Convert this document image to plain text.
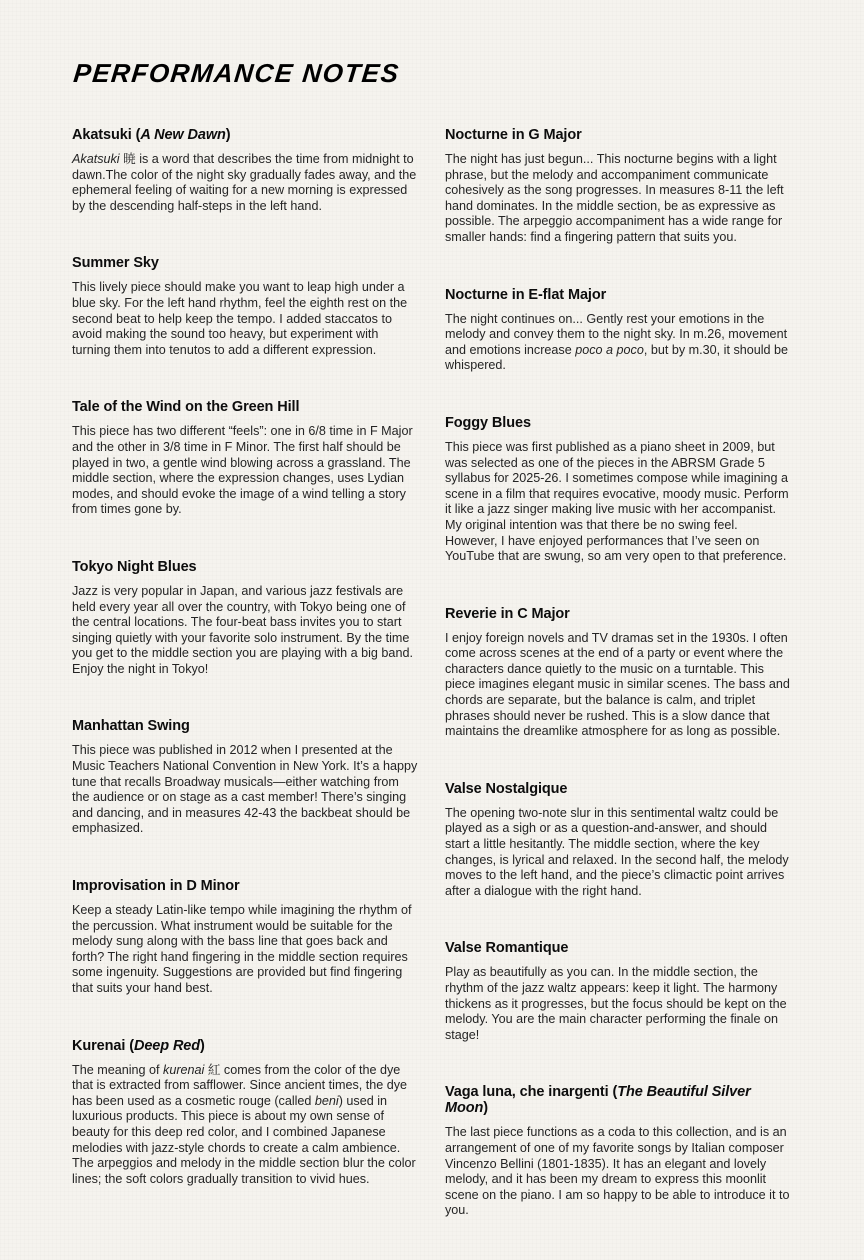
PERFORMANCE NOTES
Akatsuki (A New Dawn)

Akatsuki 暁 is a word that describes the time from midnight to dawn.The color of the night sky gradually fades away, and the ephemeral feeling of waiting for a new morning is expressed by the descending half-steps in the left hand.

Summer Sky

This lively piece should make you want to leap high under a blue sky. For the left hand rhythm, feel the eighth rest on the second beat to help keep the tempo. I added staccatos to avoid making the sound too heavy, but experiment with turning them into tenutos to add a different expression.

Tale of the Wind on the Green Hill

This piece has two different “feels”: one in 6/8 time in F Major and the other in 3/8 time in F Minor. The first half should be played in two, a gentle wind blowing across a grassland. The middle section, where the expression changes, uses Lydian modes, and should evoke the image of a wind telling a story from times gone by.

Tokyo Night Blues

Jazz is very popular in Japan, and various jazz festivals are held every year all over the country, with Tokyo being one of the central locations. The four-beat bass invites you to start singing quietly with your favorite solo instrument. By the time you get to the middle section you are playing with a big band. Enjoy the night in Tokyo!

Manhattan Swing

This piece was published in 2012 when I presented at the Music Teachers National Convention in New York. It’s a happy tune that recalls Broadway musicals—either watching from the audience or on stage as a cast member! There’s singing and dancing, and in measures 42-43 the backbeat should be emphasized.

Improvisation in D Minor

Keep a steady Latin-like tempo while imagining the rhythm of the percussion. What instrument would be suitable for the melody sung along with the bass line that goes back and forth? The right hand fingering in the middle section requires some ingenuity. Suggestions are provided but find fingering that suits your hand best.

Kurenai (Deep Red)

The meaning of kurenai 紅 comes from the color of the dye that is extracted from safflower. Since ancient times, the dye has been used as a cosmetic rouge (called beni) used in luxurious products. This piece is about my own sense of beauty for this deep red color, and I combined Japanese melodies with jazz-style chords to create a calm ambience. The arpeggios and melody in the middle section blur the color lines; the soft colors gradually transition to vivid hues.

Nocturne in G Major

The night has just begun... This nocturne begins with a light phrase, but the melody and accompaniment communicate cohesively as the song progresses. In measures 8-11 the left hand dominates. In the middle section, be as expressive as possible. The arpeggio accompaniment has a wide range for smaller hands: find a fingering pattern that suits you.

Nocturne in E-flat Major

The night continues on... Gently rest your emotions in the melody and convey them to the night sky. In m.26, movement and emotions increase poco a poco, but by m.30, it should be whispered.

Foggy Blues

This piece was first published as a piano sheet in 2009, but was selected as one of the pieces in the ABRSM Grade 5 syllabus for 2025-26. I sometimes compose while imagining a scene in a film that requires evocative, moody music. Perform it like a jazz singer making live music with her accompanist. My original intention was that there be no swing feel. However, I have enjoyed performances that I’ve seen on YouTube that are swung, so am very open to that preference.

Reverie in C Major

I enjoy foreign novels and TV dramas set in the 1930s. I often come across scenes at the end of a party or event where the characters dance quietly to the music on a turntable. This piece imagines elegant music in similar scenes. The bass and chords are separate, but the balance is calm, and triplet phrases should never be rushed. This is a slow dance that maintains the dreamlike atmosphere for as long as possible.

Valse Nostalgique

The opening two-note slur in this sentimental waltz could be played as a sigh or as a question-and-answer, and should start a little hesitantly. The middle section, where the key changes, is lyrical and relaxed. In the second half, the melody moves to the left hand, and the piece’s climactic point arrives after a dialogue with the right hand.

Valse Romantique

Play as beautifully as you can. In the middle section, the rhythm of the jazz waltz appears: keep it light. The harmony thickens as it progresses, but the focus should be kept on the melody. You are the main character performing the finale on stage!

Vaga luna, che inargenti (The Beautiful Silver Moon)

The last piece functions as a coda to this collection, and is an arrangement of one of my favorite songs by Italian composer Vincenzo Bellini (1801-1835). It has an elegant and lovely melody, and it has been my dream to express this moonlit scene on the piano. I am so happy to be able to introduce it to you.
